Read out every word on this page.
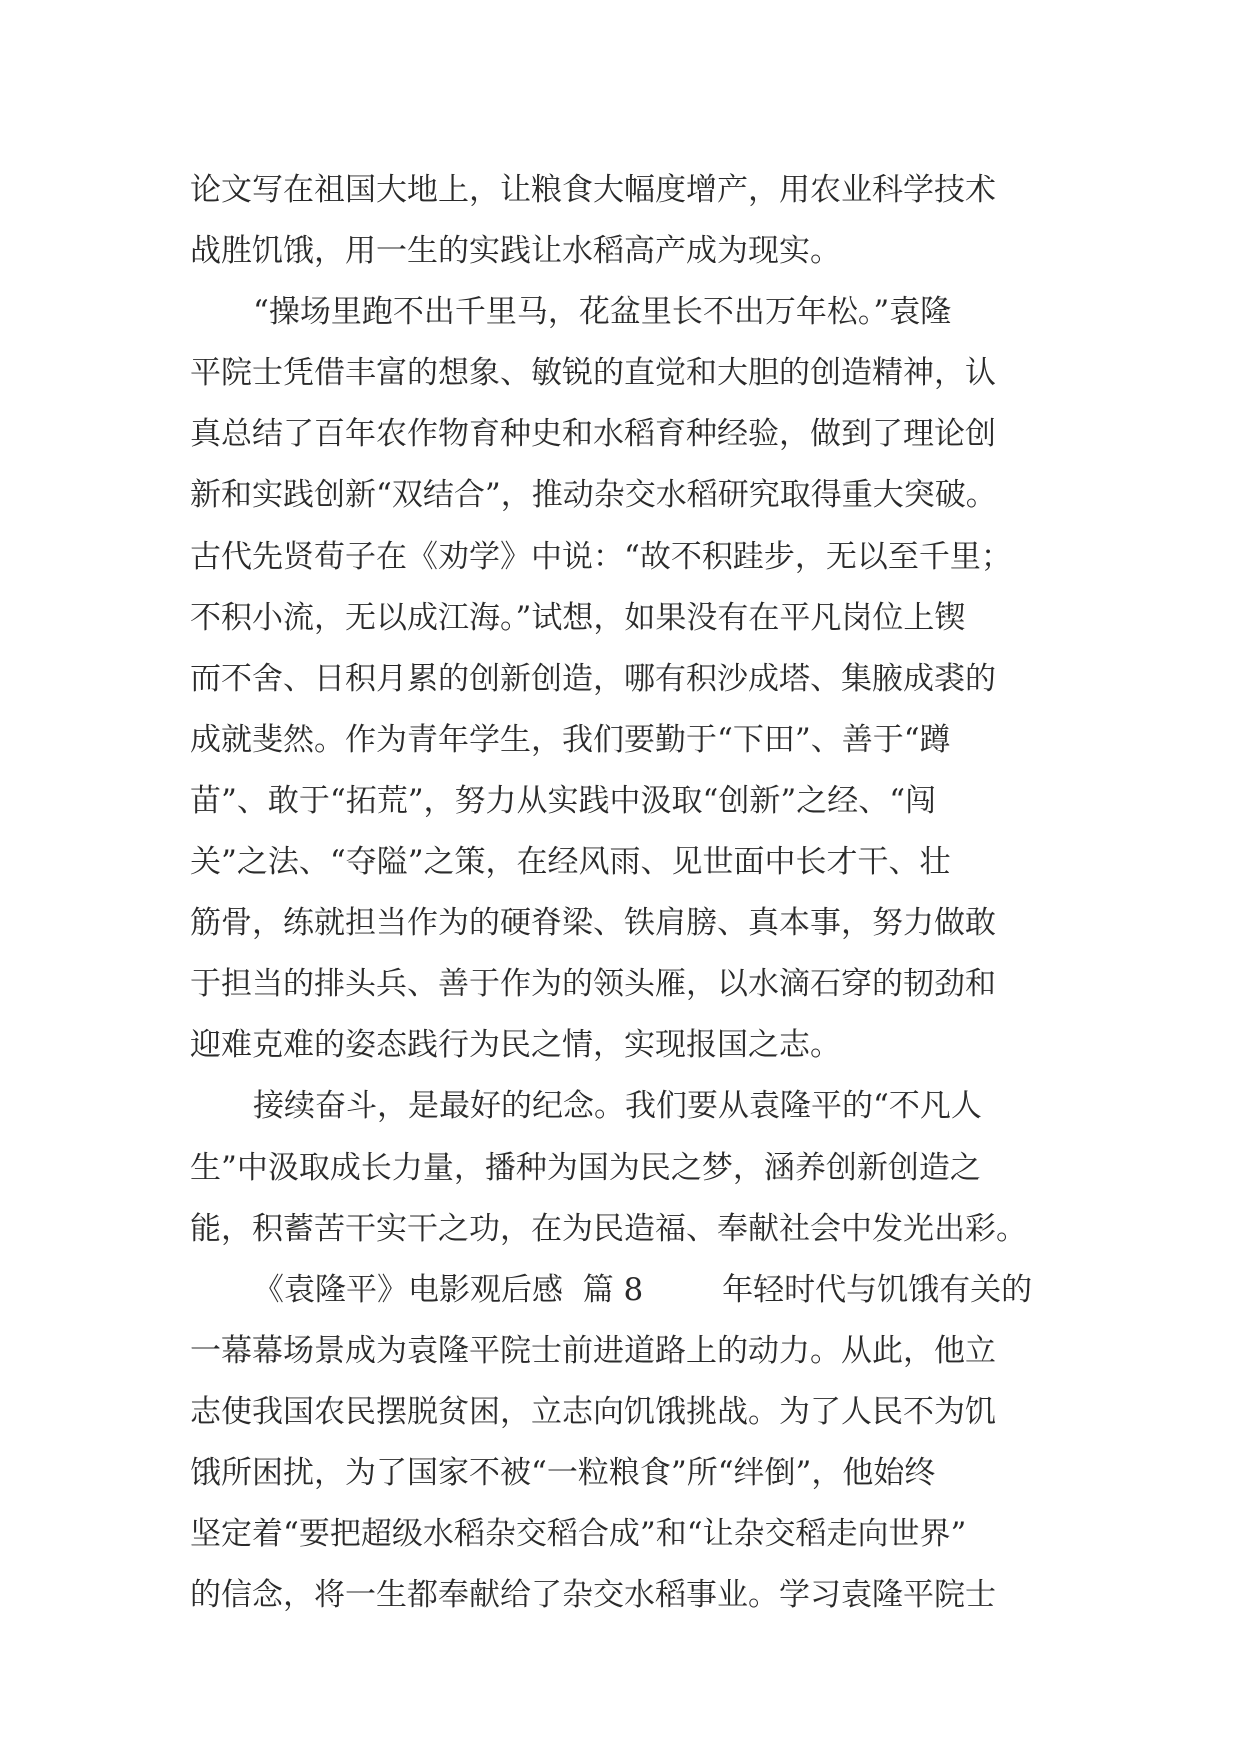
论文写在祖国大地上，让粮食大幅度增产，用农业科学技术
战胜饥饿，用一生的实践让水稻高产成为现实。
“操场里跑不出千里马，花盆里长不出万年松。”袁隆
平院士凭借丰富的想象、敏锐的直觉和大胆的创造精神，认
真总结了百年农作物育种史和水稻育种经验，做到了理论创
新和实践创新“双结合”，推动杂交水稻研究取得重大突破。
古代先贤荀子在《劝学》中说：“故不积跬步，无以至千里；
不积小流，无以成江海。”试想，如果没有在平凡岗位上锲
而不舍、日积月累的创新创造，哪有积沙成塔、集腋成裘的
成就斐然。作为青年学生，我们要勤于“下田”、善于“蹲
苗”、敢于“拓荒”，努力从实践中汲取“创新”之经、“闯
关”之法、“夺隘”之策，在经风雨、见世面中长才干、壮
筋骨，练就担当作为的硬脊梁、铁肩膀、真本事，努力做敢
于担当的排头兵、善于作为的领头雁，以水滴石穿的韧劲和
迎难克难的姿态践行为民之情，实现报国之志。
接续奋斗，是最好的纪念。我们要从袁隆平的“不凡人
生”中汲取成长力量，播种为国为民之梦，涵养创新创造之
能，积蓄苦干实干之功，在为民造福、奉献社会中发光出彩。
《袁隆平》电影观后感  篇 8        年轻时代与饥饿有关的
一幕幕场景成为袁隆平院士前进道路上的动力。从此，他立
志使我国农民摆脱贫困，立志向饥饿挑战。为了人民不为饥
饿所困扰，为了国家不被“一粒粮食”所“绊倒”，他始终
坚定着“要把超级水稻杂交稻合成”和“让杂交稻走向世界”
的信念，将一生都奉献给了杂交水稻事业。学习袁隆平院士
